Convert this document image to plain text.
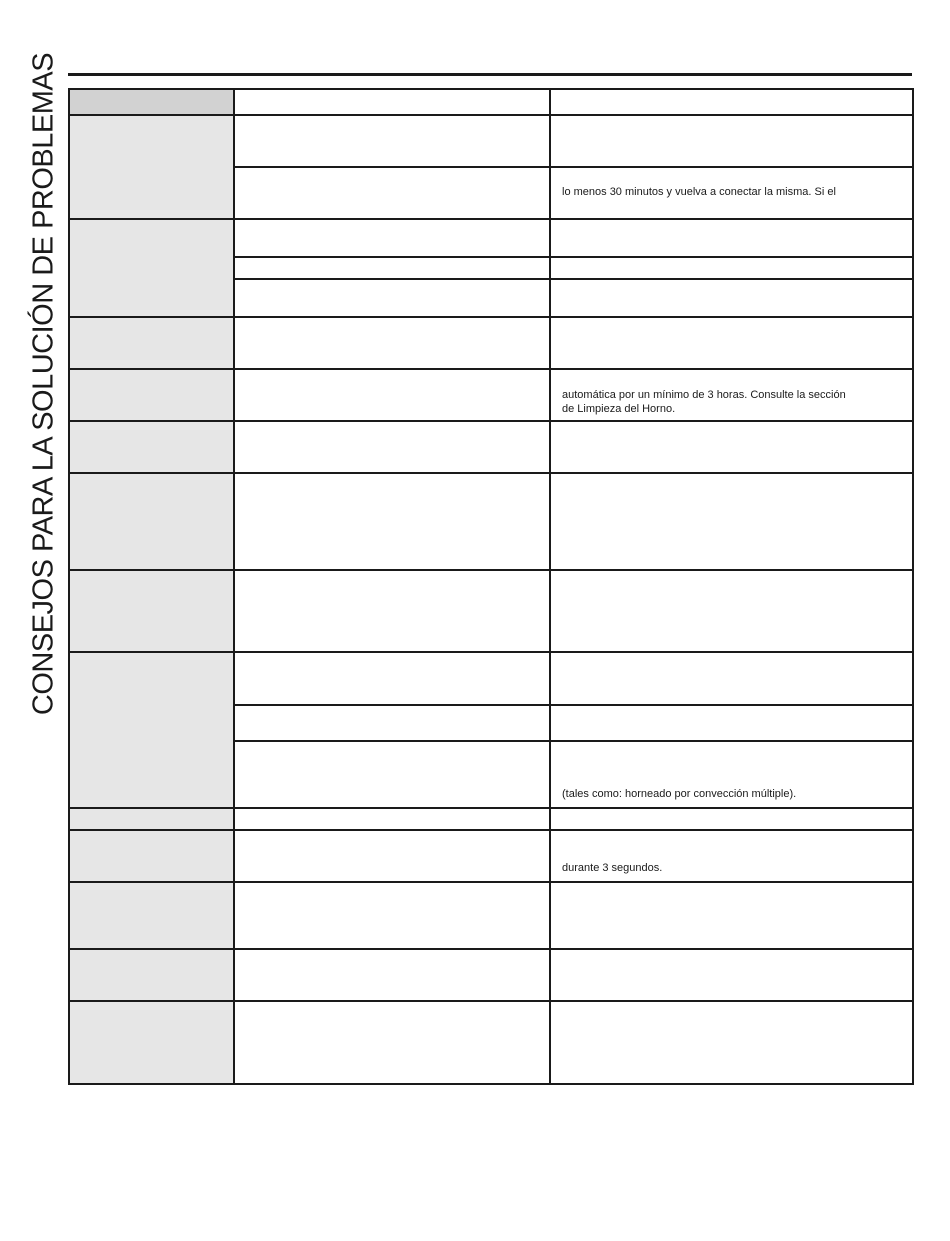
CONSEJOS PARA LA SOLUCIÓN DE PROBLEMAS

		lo menos 30 minutos y vuelva a conectar la misma. Si el

		automática por un mínimo de 3 horas. Consulte la sección
de Limpieza del Horno.

		(tales como: horneado por convección múltiple).

		durante 3 segundos.
